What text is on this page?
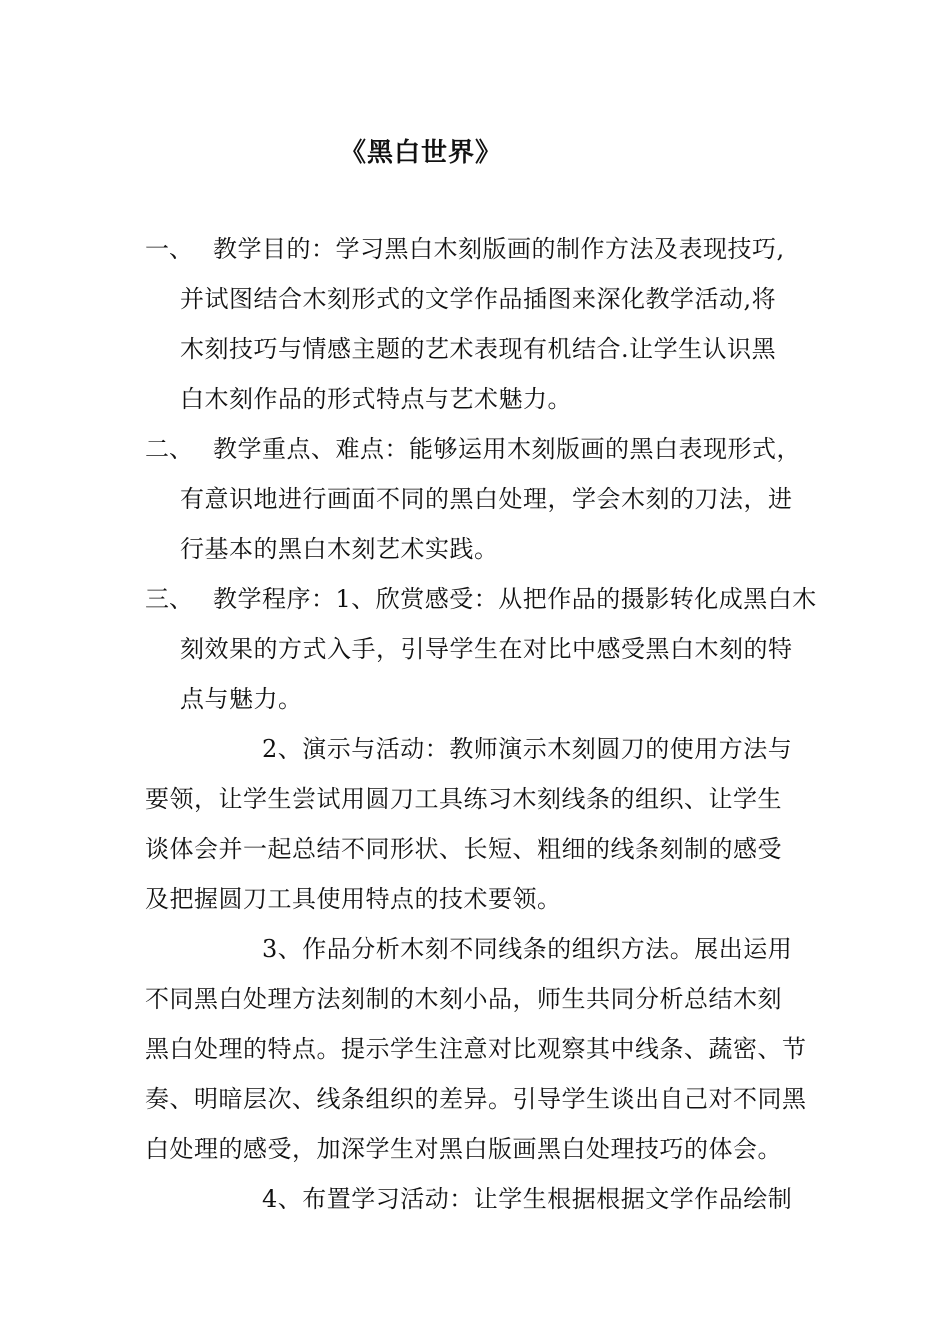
《黑白世界》
一、 教学目的：学习黑白木刻版画的制作方法及表现技巧,
并试图结合木刻形式的文学作品插图来深化教学活动,将
木刻技巧与情感主题的艺术表现有机结合.让学生认识黑
白木刻作品的形式特点与艺术魅力。
二、 教学重点、难点：能够运用木刻版画的黑白表现形式，
有意识地进行画面不同的黑白处理，学会木刻的刀法，进
行基本的黑白木刻艺术实践。
三、 教学程序：1、欣赏感受：从把作品的摄影转化成黑白木
刻效果的方式入手，引导学生在对比中感受黑白木刻的特
点与魅力。
2、演示与活动：教师演示木刻圆刀的使用方法与
要领，让学生尝试用圆刀工具练习木刻线条的组织、让学生
谈体会并一起总结不同形状、长短、粗细的线条刻制的感受
及把握圆刀工具使用特点的技术要领。
3、作品分析木刻不同线条的组织方法。展出运用
不同黑白处理方法刻制的木刻小品，师生共同分析总结木刻
黑白处理的特点。提示学生注意对比观察其中线条、蔬密、节
奏、明暗层次、线条组织的差异。引导学生谈出自己对不同黑
白处理的感受，加深学生对黑白版画黑白处理技巧的体会。
4、布置学习活动：让学生根据根据文学作品绘制
